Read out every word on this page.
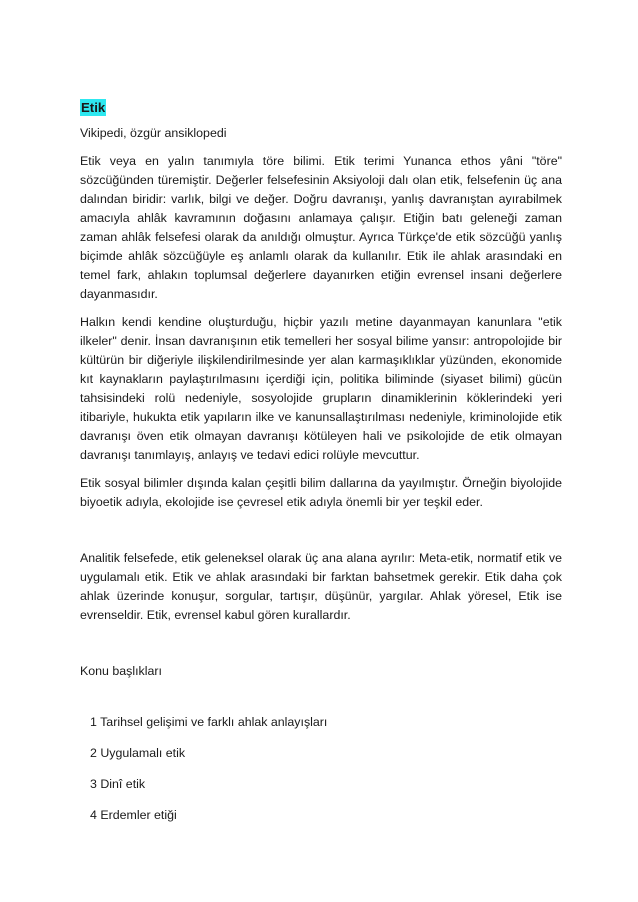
Etik
Vikipedi, özgür ansiklopedi

Etik veya en yalın tanımıyla töre bilimi. Etik terimi Yunanca ethos yâni "töre" sözcüğünden türemiştir. Değerler felsefesinin Aksiyoloji dalı olan etik, felsefenin üç ana dalından biridir: varlık, bilgi ve değer. Doğru davranışı, yanlış davranıştan ayırabilmek amacıyla ahlâk kavramının doğasını anlamaya çalışır. Etiğin batı geleneği zaman zaman ahlâk felsefesi olarak da anıldığı olmuştur. Ayrıca Türkçe'de etik sözcüğü yanlış biçimde ahlâk sözcüğüyle eş anlamlı olarak da kullanılır. Etik ile ahlak arasındaki en temel fark, ahlakın toplumsal değerlere dayanırken etiğin evrensel insani değerlere dayanmasıdır.

Halkın kendi kendine oluşturduğu, hiçbir yazılı metine dayanmayan kanunlara "etik ilkeler" denir. İnsan davranışının etik temelleri her sosyal bilime yansır: antropolojide bir kültürün bir diğeriyle ilişkilendirilmesinde yer alan karmaşıklıklar yüzünden, ekonomide kıt kaynakların paylaştırılmasını içerdiği için, politika biliminde (siyaset bilimi) gücün tahsisindeki rolü nedeniyle, sosyolojide grupların dinamiklerinin köklerindeki yeri itibariyle, hukukta etik yapıların ilke ve kanunsallaştırılması nedeniyle, kriminolojide etik davranışı öven etik olmayan davranışı kötüleyen hali ve psikolojide de etik olmayan davranışı tanımlayış, anlayış ve tedavi edici rolüyle mevcuttur.

Etik sosyal bilimler dışında kalan çeşitli bilim dallarına da yayılmıştır. Örneğin biyolojide biyoetik adıyla, ekolojide ise çevresel etik adıyla önemli bir yer teşkil eder.

Analitik felsefede, etik geleneksel olarak üç ana alana ayrılır: Meta-etik, normatif etik ve uygulamalı etik. Etik ve ahlak arasındaki bir farktan bahsetmek gerekir. Etik daha çok ahlak üzerinde konuşur, sorgular, tartışır, düşünür, yargılar. Ahlak yöresel, Etik ise evrenseldir. Etik, evrensel kabul gören kurallardır.

Konu başlıkları
1 Tarihsel gelişimi ve farklı ahlak anlayışları
2 Uygulamalı etik
3 Dinî etik
4 Erdemler etiği
